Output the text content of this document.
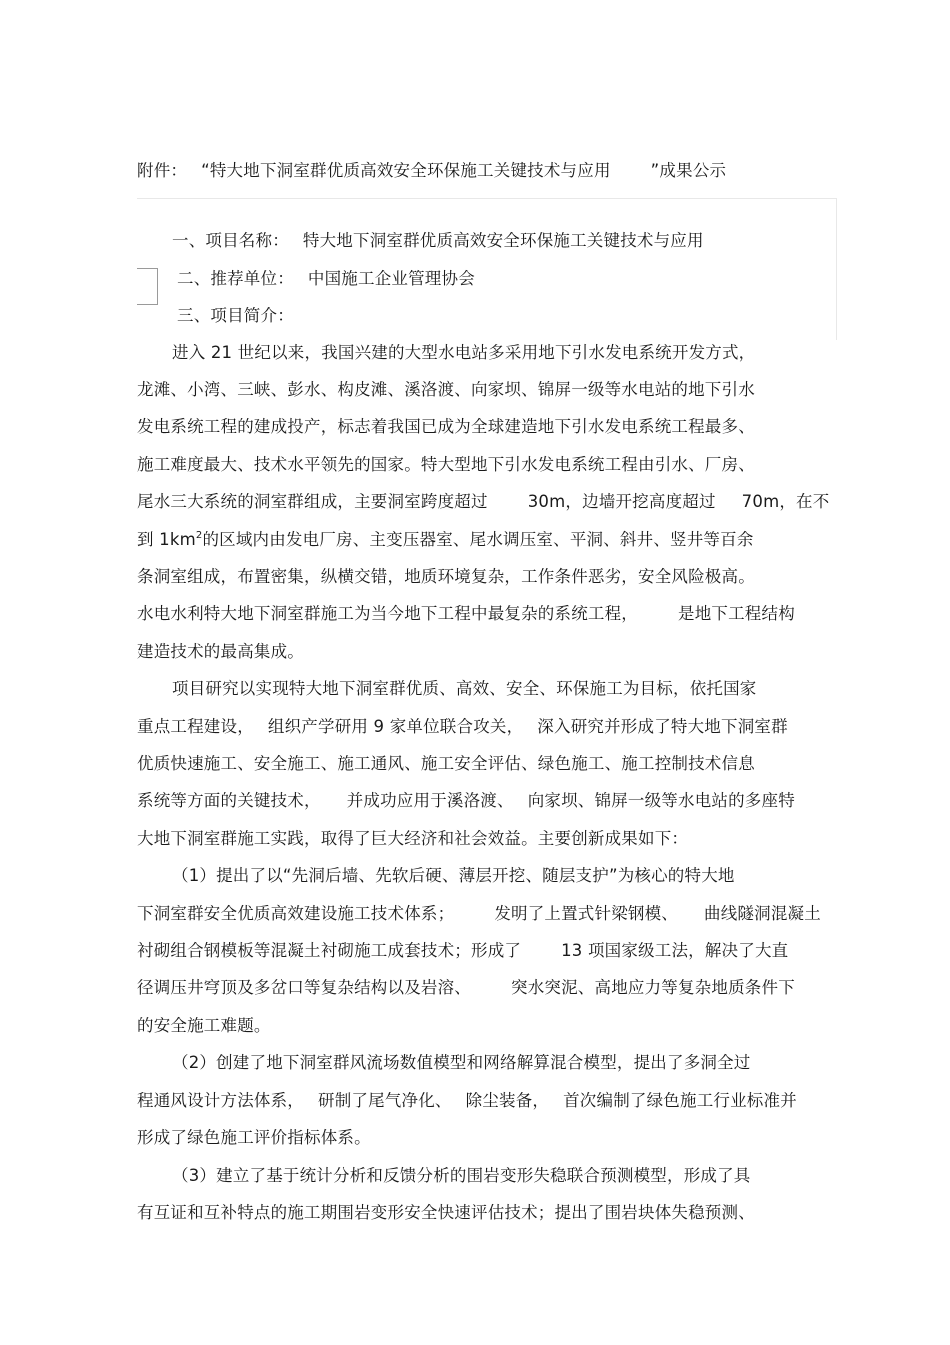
附件： “特大地下洞室群优质高效安全环保施工关键技术与应用 ”成果公示
一、项目名称： 特大地下洞室群优质高效安全环保施工关键技术与应用
二、推荐单位： 中国施工企业管理协会
三、项目简介：
进入 21 世纪以来，我国兴建的大型水电站多采用地下引水发电系统开发方式，
龙滩、小湾、三峡、彭水、构皮滩、溪洛渡、向家坝、锦屏一级等水电站的地下引水
发电系统工程的建成投产，标志着我国已成为全球建造地下引水发电系统工程最多、
施工难度最大、技术水平领先的国家。特大型地下引水发电系统工程由引水、厂房、
尾水三大系统的洞室群组成，主要洞室跨度超过 30m，边墙开挖高度超过 70m，在不
到 $1km^2$的区域内由发电厂房、主变压器室、尾水调压室、平洞、斜井、竖井等百余
条洞室组成，布置密集，纵横交错，地质环境复杂，工作条件恶劣，安全风险极高。
水电水利特大地下洞室群施工为当今地下工程中最复杂的系统工程， 是地下工程结构
建造技术的最高集成。
项目研究以实现特大地下洞室群优质、高效、安全、环保施工为目标，依托国家
重点工程建设， 组织产学研用 9 家单位联合攻关， 深入研究并形成了特大地下洞室群
优质快速施工、安全施工、施工通风、施工安全评估、绿色施工、施工控制技术信息
系统等方面的关键技术， 并成功应用于溪洛渡、 向家坝、锦屏一级等水电站的多座特
大地下洞室群施工实践，取得了巨大经济和社会效益。主要创新成果如下：
（1）提出了以“先洞后墙、先软后硬、薄层开挖、随层支护”为核心的特大地
下洞室群安全优质高效建设施工技术体系； 发明了上置式针梁钢模、 曲线隧洞混凝土
衬砌组合钢模板等混凝土衬砌施工成套技术；形成了 13 项国家级工法，解决了大直
径调压井穹顶及多岔口等复杂结构以及岩溶、 突水突泥、高地应力等复杂地质条件下
的安全施工难题。
（2）创建了地下洞室群风流场数值模型和网络解算混合模型，提出了多洞全过
程通风设计方法体系， 研制了尾气净化、 除尘装备， 首次编制了绿色施工行业标准并
形成了绿色施工评价指标体系。
（3）建立了基于统计分析和反馈分析的围岩变形失稳联合预测模型，形成了具
有互证和互补特点的施工期围岩变形安全快速评估技术；提出了围岩块体失稳预测、
